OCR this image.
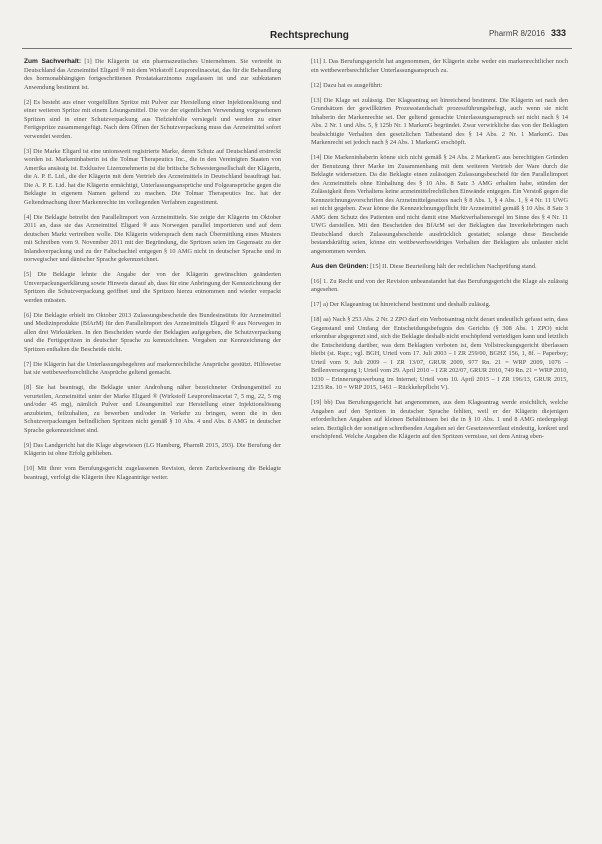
Rechtsprechung	PharmR 8/2016 333

Zum Sachverhalt: [1] Die Klägerin ist ein pharmazeutisches Unternehmen. Sie vertreibt in Deutschland das Arzneimittel Eligard ® mit dem Wirkstoff Leuprorelinacetat, das für die Behandlung des hormonabhängigen fortgeschrittenen Prostatakarzinoms zugelassen ist und zur subkutanen Anwendung bestimmt ist.

[2] Es besteht aus einer vorgefüllten Spritze mit Pulver zur Herstellung einer Injektionslösung und einer weiteren Spritze mit einem Lösungsmittel. Die vor der eigentlichen Verwendung vorgesehenen Spritzen sind in einer Schutzverpackung aus Tiefziehfolie versiegelt und werden zu einer Fertigspritze zusammengefügt. Nach dem Öffnen der Schutzverpackung muss das Arzneimittel sofort verwendet werden.

[3] Die Marke Eligard ist eine unionsweit registrierte Marke, deren Schutz auf Deutschland erstreckt worden ist. Markeninhaberin ist die Tolmar Therapeutics Inc., die in den Vereinigten Staaten von Amerika ansässig ist. Exklusive Lizenznehmerin ist die britische Schwestergesellschaft der Klägerin, die A. P. E. Ltd., die der Klägerin mit dem Vertrieb des Arzneimittels in Deutschland beauftragt hat. Die A. P. E. Ltd. hat die Klägerin ermächtigt, Unterlassungsansprüche und Folgeansprüche gegen die Beklagte in eigenem Namen geltend zu machen. Die Tolmar Therapeutics Inc. hat der Geltendmachung ihrer Markenrechte im vorliegenden Verfahren zugestimmt.

[4] Die Beklagte betreibt den Parallelimport von Arzneimitteln. Sie zeigte der Klägerin im Oktober 2011 an, dass sie das Arzneimittel Eligard ® aus Norwegen parallel importieren und auf dem deutschen Markt vertreiben wolle. Die Klägerin widersprach dem nach Übermittlung eines Musters mit Schreiben vom 9. November 2011 mit der Begründung, die Spritzen seien im Gegensatz zu der Inlandsverpackung und zu der Faltschachtel entgegen § 10 AMG nicht in deutscher Sprache und in norwegischer und dänischer Sprache gekennzeichnet.

[5] Die Beklagte lehnte die Angabe der von der Klägerin gewünschten geänderten Umverpackungserklärung sowie Hinweis darauf ab, dass für eine Anbringung der Kennzeichnung der Spritzen die Schutzverpackung geöffnet und die Spritzen hierzu entnommen und wieder verpackt werden müssten.

[6] Die Beklagte erhielt im Oktober 2013 Zulassungsbescheide des Bundesinstituts für Arzneimittel und Medizinprodukte (BfArM) für den Parallelimport des Arzneimittels Eligard ® aus Norwegen in allen drei Wirkstärken. In den Bescheiden wurde der Beklagten aufgegeben, die Schutzverpackung und die Fertigspritzen in deutscher Sprache zu kennzeichnen. Vorgaben zur Kennzeichnung der Spritzen enthalten die Bescheide nicht.

[7] Die Klägerin hat die Unterlassungsbegehren auf markenrechtliche Ansprüche gestützt. Hilfsweise hat sie wettbewerbsrechtliche Ansprüche geltend gemacht.

[8] Sie hat beantragt, die Beklagte unter Androhung näher bezeichneter Ordnungsmittel zu verurteilen, Arzneimittel unter der Marke Eligard ® (Wirkstoff Leuprorelinacetat 7, 5 mg, 22, 5 mg und/oder 45 mg), nämlich Pulver und Lösungsmittel zur Herstellung einer Injektionslösung anzubieten, feilzuhalten, zu bewerben und/oder in Verkehr zu bringen, wenn die in den Schutzverpackungen befindlichen Spritzen nicht gemäß § 10 Abs. 4 und Abs. 8 AMG in deutscher Sprache gekennzeichnet sind.

[9] Das Landgericht hat die Klage abgewiesen (LG Hamburg, PharmR 2015, 293). Die Berufung der Klägerin ist ohne Erfolg geblieben.

[10] Mit ihrer vom Berufungsgericht zugelassenen Revision, deren Zurückweisung die Beklagte beantragt, verfolgt die Klägerin ihre Klageanträge weiter.

[11] I. Das Berufungsgericht hat angenommen, der Klägerin stehe weder ein markenrechtlicher noch ein wettbewerbsrechtlicher Unterlassungsanspruch zu.

[12] Dazu hat es ausgeführt:

[13] Die Klage sei zulässig. Der Klageantrag sei hinreichend bestimmt. Die Klägerin sei nach den Grundsätzen der gewillkürten Prozessstandschaft prozessführungsbefugt, auch wenn sie nicht Inhaberin der Markenrechte sei. Der geltend gemachte Unterlassungsanspruch sei nicht nach § 14 Abs. 2 Nr. 1 und Abs. 5, § 125b Nr. 1 MarkenG begründet. Zwar verwirkliche das von der Beklagten beabsichtigte Verhalten den gesetzlichen Tatbestand des § 14 Abs. 2 Nr. 1 MarkenG. Das Markenrecht sei jedoch nach § 24 Abs. 1 MarkenG erschöpft.

[14] Die Markeninhaberin könne sich nicht gemäß § 24 Abs. 2 MarkenG aus berechtigten Gründen der Benutzung ihrer Marke im Zusammenhang mit dem weiteren Vertrieb der Ware durch die Beklagte widersetzen. Da die Beklagte einen zulässigen Zulassungsbescheid für den Parallelimport des Arzneimittels ohne Einhaltung des § 10 Abs. 8 Satz 3 AMG erhalten habe, stünden der Zulässigkeit ihres Verhaltens keine arzneimittelrechtlichen Einwände entgegen. Ein Verstoß gegen die Kennzeichnungsvorschriften des Arzneimittelgesetzes nach § 8 Abs. 1, § 4 Abs. 1, § 4 Nr. 11 UWG sei nicht gegeben. Zwar könne die Kennzeichnungspflicht für Arzneimittel gemäß § 10 Abs. 8 Satz 3 AMG dem Schutz des Patienten und nicht damit eine Marktverhaltensregel im Sinne des § 4 Nr. 11 UWG darstellen. Mit den Bescheiden des BfArM sei der Beklagten das Inverkehrbringen nach Deutschland durch Zulassungsbescheide ausdrücklich gestattet; solange diese Bescheide bestandskräftig seien, könne ein wettbewerbswidriges Verhalten der Beklagten als unlauter nicht angenommen werden.

Aus den Gründen: [15] II. Diese Beurteilung hält der rechtlichen Nachprüfung stand.

[16] 1. Zu Recht und von der Revision unbeanstandet hat das Berufungsgericht die Klage als zulässig angesehen.

[17] a) Der Klageantrag ist hinreichend bestimmt und deshalb zulässig.

[18] aa) Nach § 253 Abs. 2 Nr. 2 ZPO darf ein Verbotsantrag nicht derart undeutlich gefasst sein, dass Gegenstand und Umfang der Entscheidungsbefugnis des Gerichts (§ 308 Abs. 1 ZPO) nicht erkennbar abgegrenzt sind, sich die Beklagte deshalb nicht erschöpfend verteidigen kann und letztlich die Entscheidung darüber, was dem Beklagten verboten ist, dem Vollstreckungsgericht überlassen bleibt (st. Rspr.; vgl. BGH, Urteil vom 17. Juli 2003 – I ZR 259/00, BGHZ 156, 1, 8f. – Paperboy; Urteil vom 9. Juli 2009 – I ZR 13/07, GRUR 2009, 977 Rn. 21 = WRP 2009, 1076 – Brillenversorgung I; Urteil vom 29. April 2010 – I ZR 202/07, GRUR 2010, 749 Rn. 21 = WRP 2010, 1030 – Erinnerungswerbung im Internet; Urteil vom 10. April 2015 – I ZR 196/13, GRUR 2015, 1235 Rn. 10 = WRP 2015, 1461 – Rückkehrpflicht V).

[19] bb) Das Berufungsgericht hat angenommen, aus dem Klageantrag werde ersichtlich, welche Angaben auf den Spritzen in deutscher Sprache fehlten, weil er der Klägerin diejenigen erforderlichen Angaben auf kleinen Behältnissen bei die in § 10 Abs. 1 und 8 AMG niedergelegt seien. Bezüglich der sonstigen schreibenden Angaben sei der Gesetzeswortlaut eindeutig, konkret und erschöpfend. Welche Angaben die Klägerin auf den Spritzen vermisse, sei dem Antrag eben-
